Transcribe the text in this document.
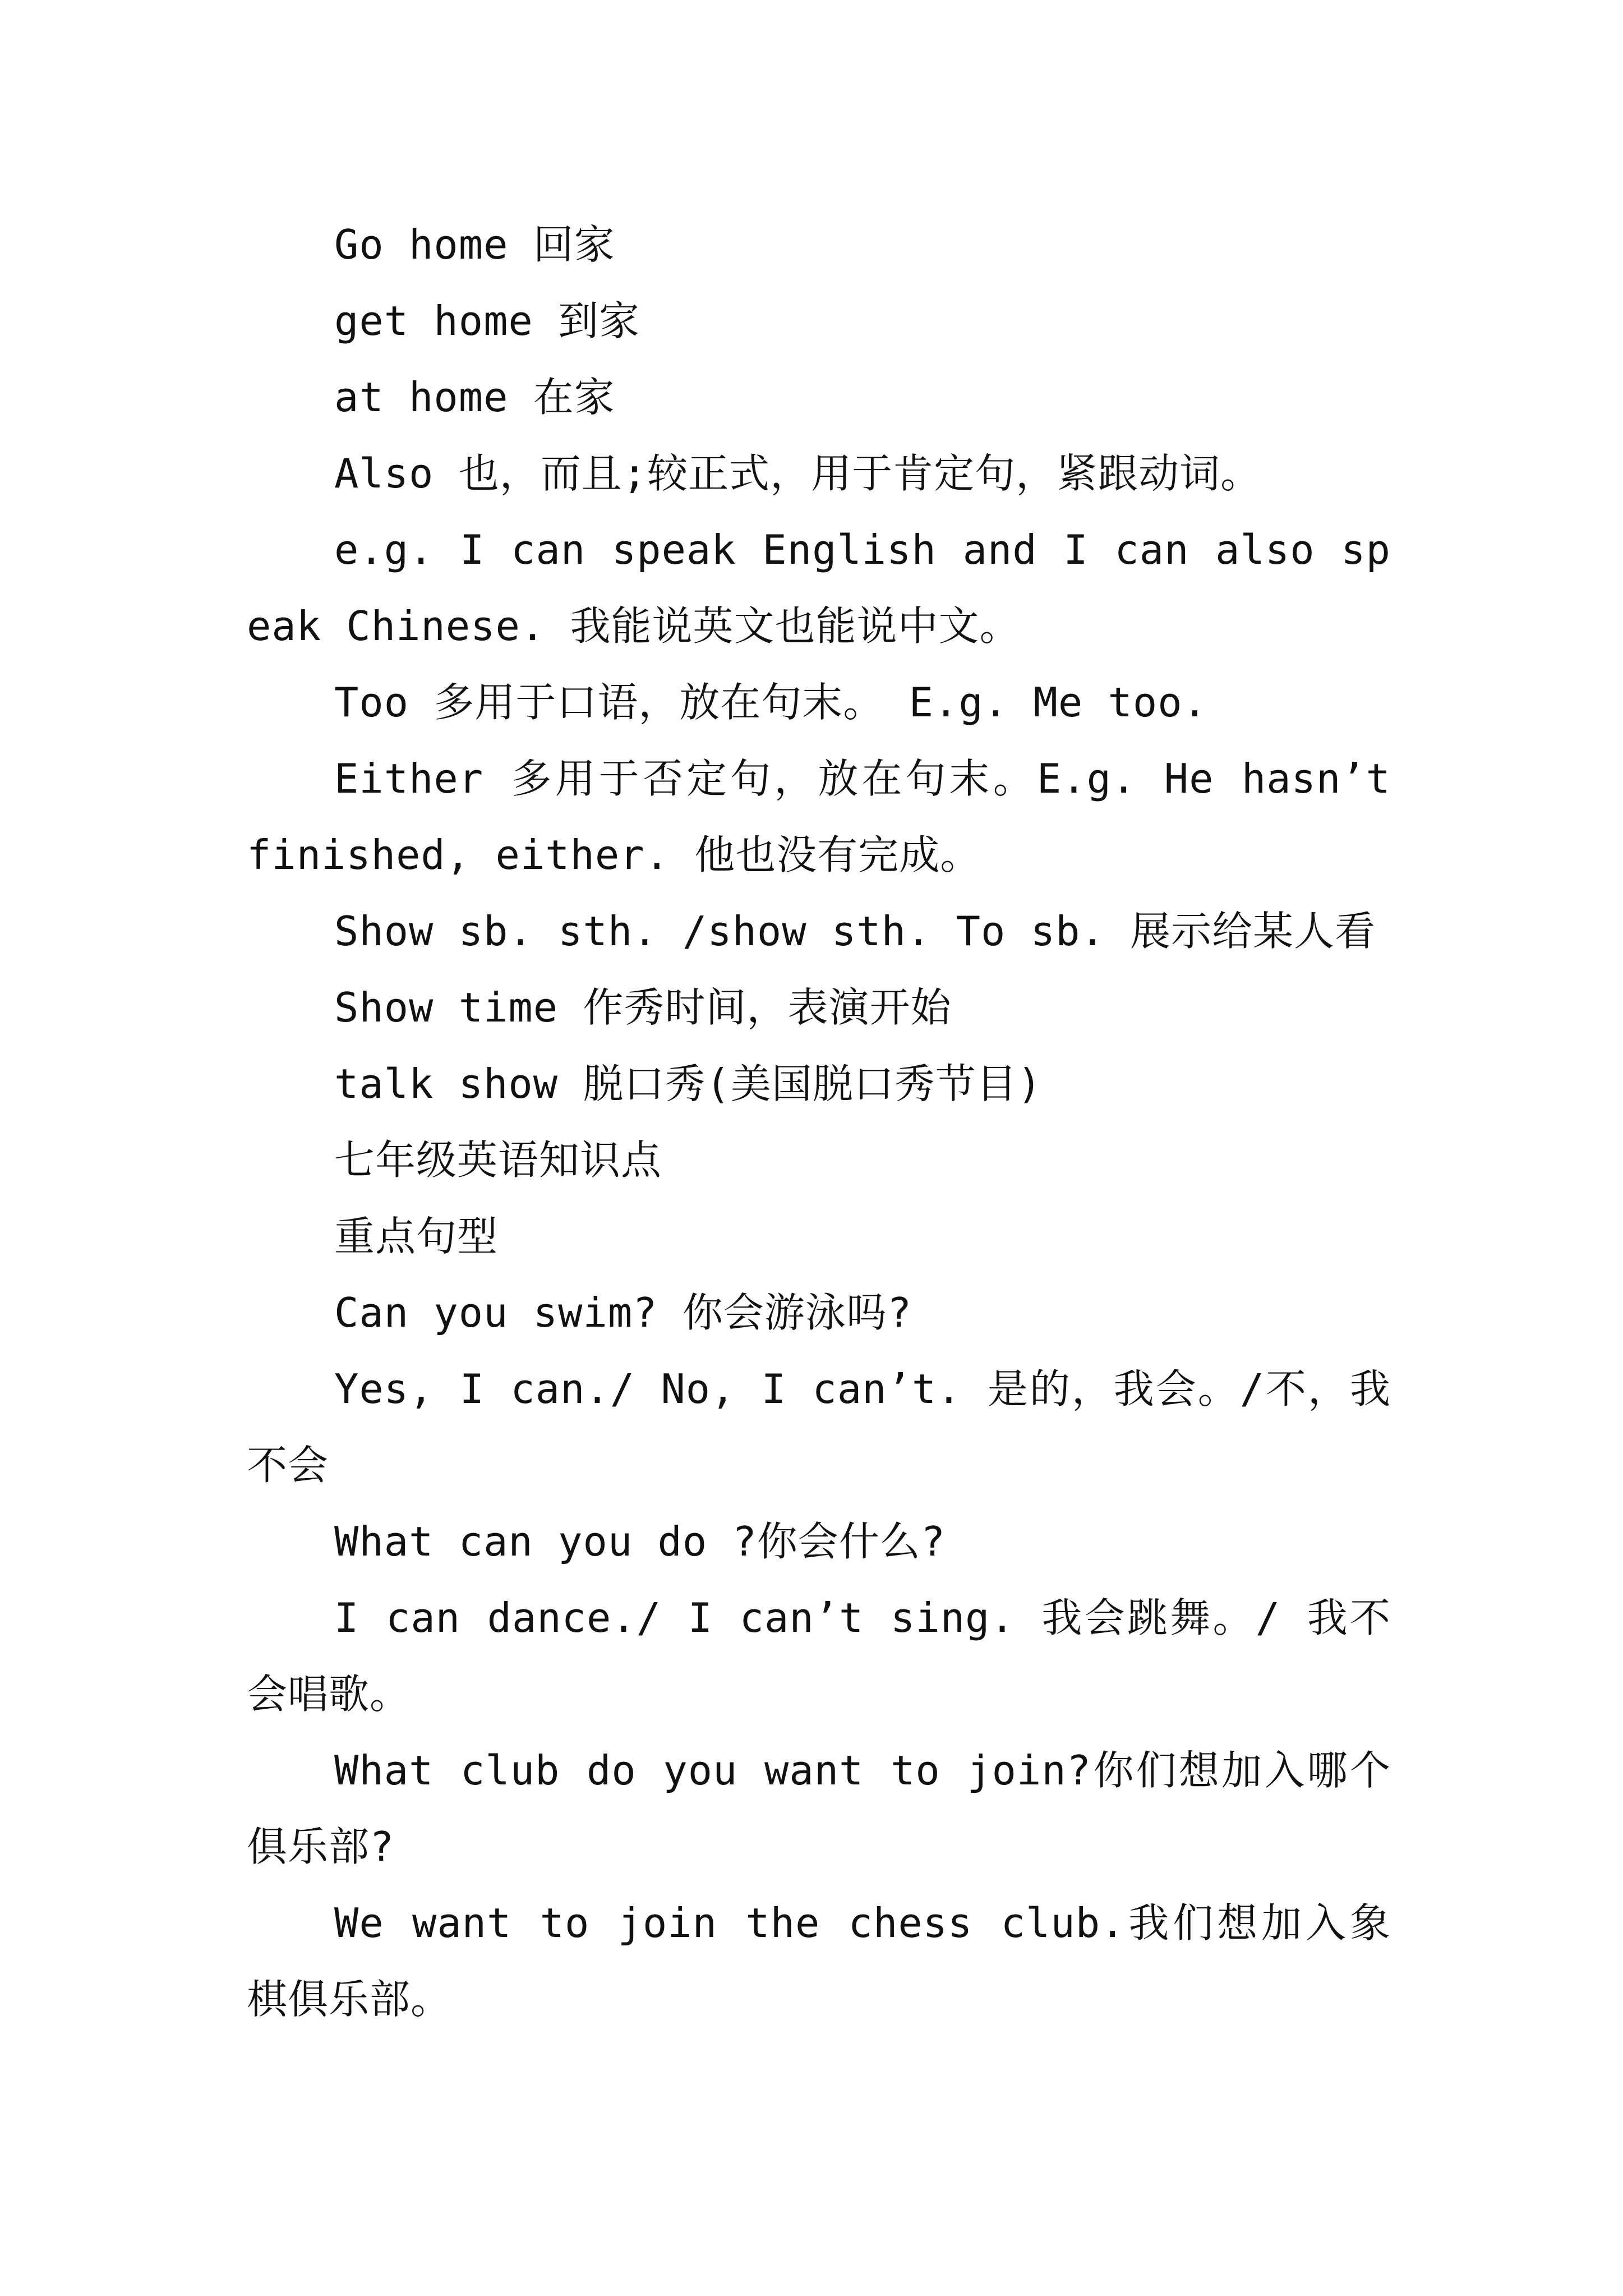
Go home 回家

get home 到家

at home 在家

Also 也，而且;较正式，用于肯定句，紧跟动词。

e.g. I can speak English and I can also speak Chinese. 我能说英文也能说中文。

Too 多用于口语，放在句末。 E.g. Me too.

Either 多用于否定句，放在句末。E.g. He hasn’t finished, either. 他也没有完成。

Show sb. sth. /show sth. To sb. 展示给某人看

Show time 作秀时间，表演开始

talk show 脱口秀(美国脱口秀节目)

七年级英语知识点

重点句型

Can you swim? 你会游泳吗?

Yes, I can./ No, I can’t. 是的，我会。/不，我不会

What can you do ?你会什么?

I can dance./ I can’t sing. 我会跳舞。/ 我不会唱歌。

What club do you want to join?你们想加入哪个俱乐部?

We want to join the chess club.我们想加入象棋俱乐部。
